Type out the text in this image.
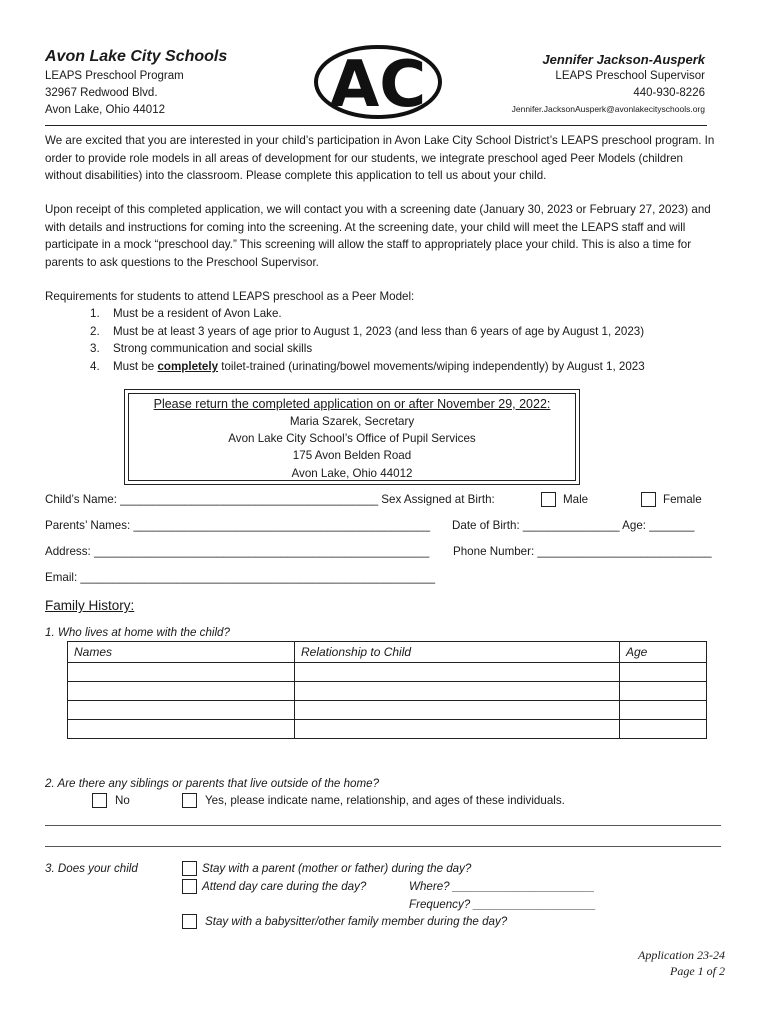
Avon Lake City Schools
LEAPS Preschool Program
32967 Redwood Blvd.
Avon Lake, Ohio 44012	AC	Jennifer Jackson-Ausperk
LEAPS Preschool Supervisor
440-930-8226
Jennifer.JacksonAusperk@avonlakecityschools.org

We are excited that you are interested in your child’s participation in Avon Lake City School District’s LEAPS preschool program. In order to provide role models in all areas of development for our students, we integrate preschool aged Peer Models (children without disabilities) into the classroom. Please complete this application to tell us about your child.

Upon receipt of this completed application, we will contact you with a screening date (January 30, 2023 or February 27, 2023) and with details and instructions for coming into the screening. At the screening date, your child will meet the LEAPS staff and will participate in a mock “preschool day.” This screening will allow the staff to appropriately place your child. This is also a time for parents to ask questions to the Preschool Supervisor.

Requirements for students to attend LEAPS preschool as a Peer Model:

1.	Must be a resident of Avon Lake.
2.	Must be at least 3 years of age prior to August 1, 2023 (and less than 6 years of age by August 1, 2023)
3.	Strong communication and social skills
4.	Must be completely toilet-trained (urinating/bowel movements/wiping independently) by August 1, 2023
Please return the completed application on or after November 29, 2022:
Maria Szarek, Secretary
Avon Lake City School’s Office of Pupil Services
175 Avon Belden Road
Avon Lake, Ohio 44012
Child’s Name: ________________________________________ Sex Assigned at Birth:	Male	Female
Parents’ Names: ______________________________________________ Date of Birth: _______________ Age: _______
Address: ____________________________________________________ Phone Number: ___________________________
Email: _______________________________________________________
Family History:
1. Who lives at home with the child?
Names	Relationship to Child	Age

2. Are there any siblings or parents that live outside of the home?
No	Yes, please indicate name, relationship, and ages of these individuals.
3. Does your child	Stay with a parent (mother or father) during the day?
Attend day care during the day?	Where? ______________________
Frequency? ___________________
Stay with a babysitter/other family member during the day?
Application 23-24
Page 1 of 2
